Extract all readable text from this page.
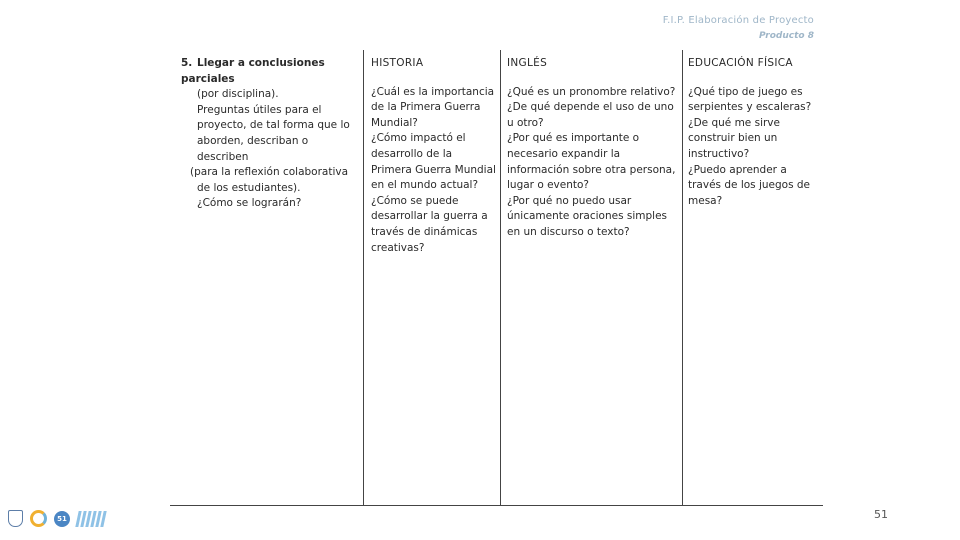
F.I.P. Elaboración de Proyecto
Producto 8
5. Llegar a conclusiones parciales
(por disciplina).
Preguntas útiles para el
proyecto, de tal forma que lo
aborden, describan o describen
(para la reflexión colaborativa
de los estudiantes).
¿Cómo se lograrán?
HISTORIA
¿Cuál es la importancia de la Primera Guerra Mundial?
¿Cómo impactó el desarrollo de la Primera Guerra Mundial en el mundo actual?
¿Cómo se puede desarrollar la guerra a través de dinámicas creativas?
INGLÉS
¿Qué es un pronombre relativo?
¿De qué depende el uso de uno u otro?
¿Por qué es importante o necesario expandir la información sobre otra persona, lugar o evento?
¿Por qué no puedo usar únicamente oraciones simples en un discurso o texto?
EDUCACIÓN FÍSICA
¿Qué tipo de juego es serpientes y escaleras?
¿De qué me sirve construir bien un instructivo?
¿Puedo aprender a través de los juegos de mesa?
51	51
